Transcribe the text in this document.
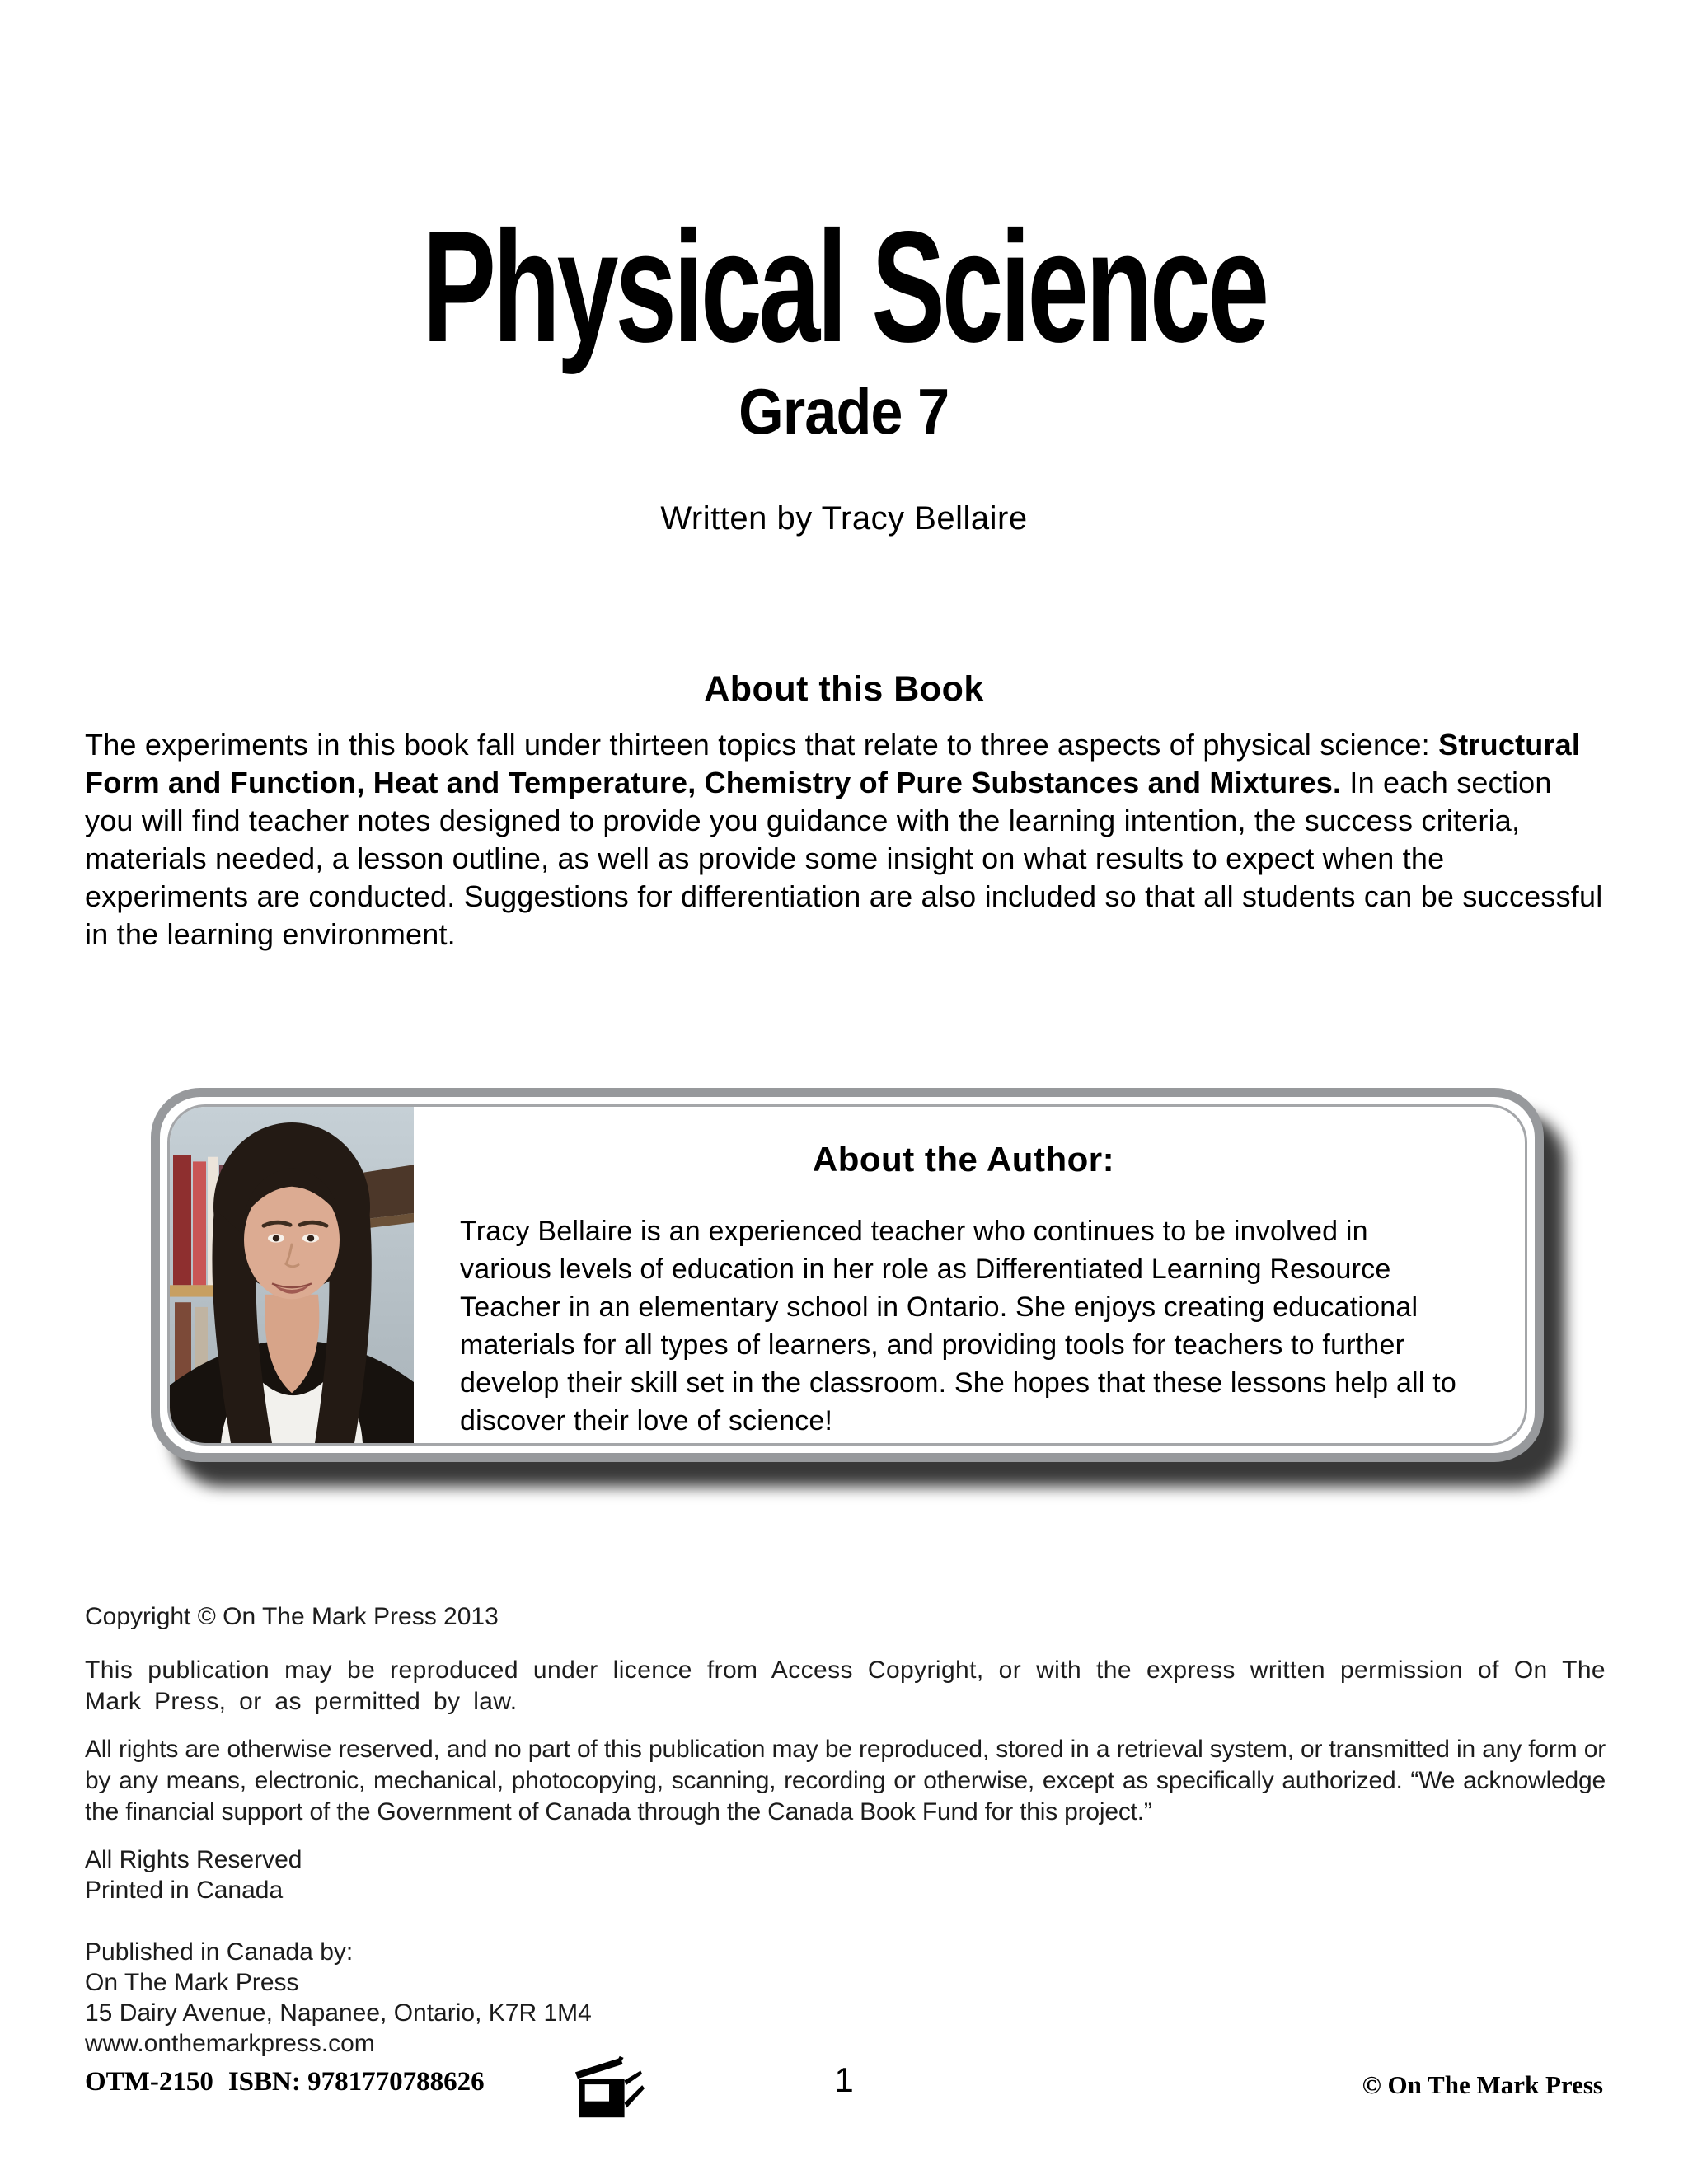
Physical Science
Grade 7
Written by Tracy Bellaire
About this Book

The experiments in this book fall under thirteen topics that relate to three aspects of physical science: Structural Form and Function, Heat and Temperature, Chemistry of Pure Substances and Mixtures. In each section you will find teacher notes designed to provide you guidance with the learning intention, the success criteria, materials needed, a lesson outline, as well as provide some insight on what results to expect when the experiments are conducted. Suggestions for differentiation are also included so that all students can be successful in the learning environment.

About the Author:

Tracy Bellaire is an experienced teacher who continues to be involved in various levels of education in her role as Differentiated Learning Resource Teacher in an elementary school in Ontario. She enjoys creating educational materials for all types of learners, and providing tools for teachers to further develop their skill set in the classroom. She hopes that these lessons help all to discover their love of science!

Copyright © On The Mark Press 2013

This publication may be reproduced under licence from Access Copyright, or with the express written permission of On The Mark Press, or as permitted by law.

All rights are otherwise reserved, and no part of this publication may be reproduced, stored in a retrieval system, or transmitted in any form or by any means, electronic, mechanical, photocopying, scanning, recording or otherwise, except as specifically authorized. “We acknowledge the financial support of the Government of Canada through the Canada Book Fund for this project.”

All Rights Reserved
Printed in Canada

Published in Canada by:
On The Mark Press
15 Dairy Avenue, Napanee, Ontario, K7R 1M4
www.onthemarkpress.com

OTM-2150 ISBN: 9781770788626	1	© On The Mark Press
